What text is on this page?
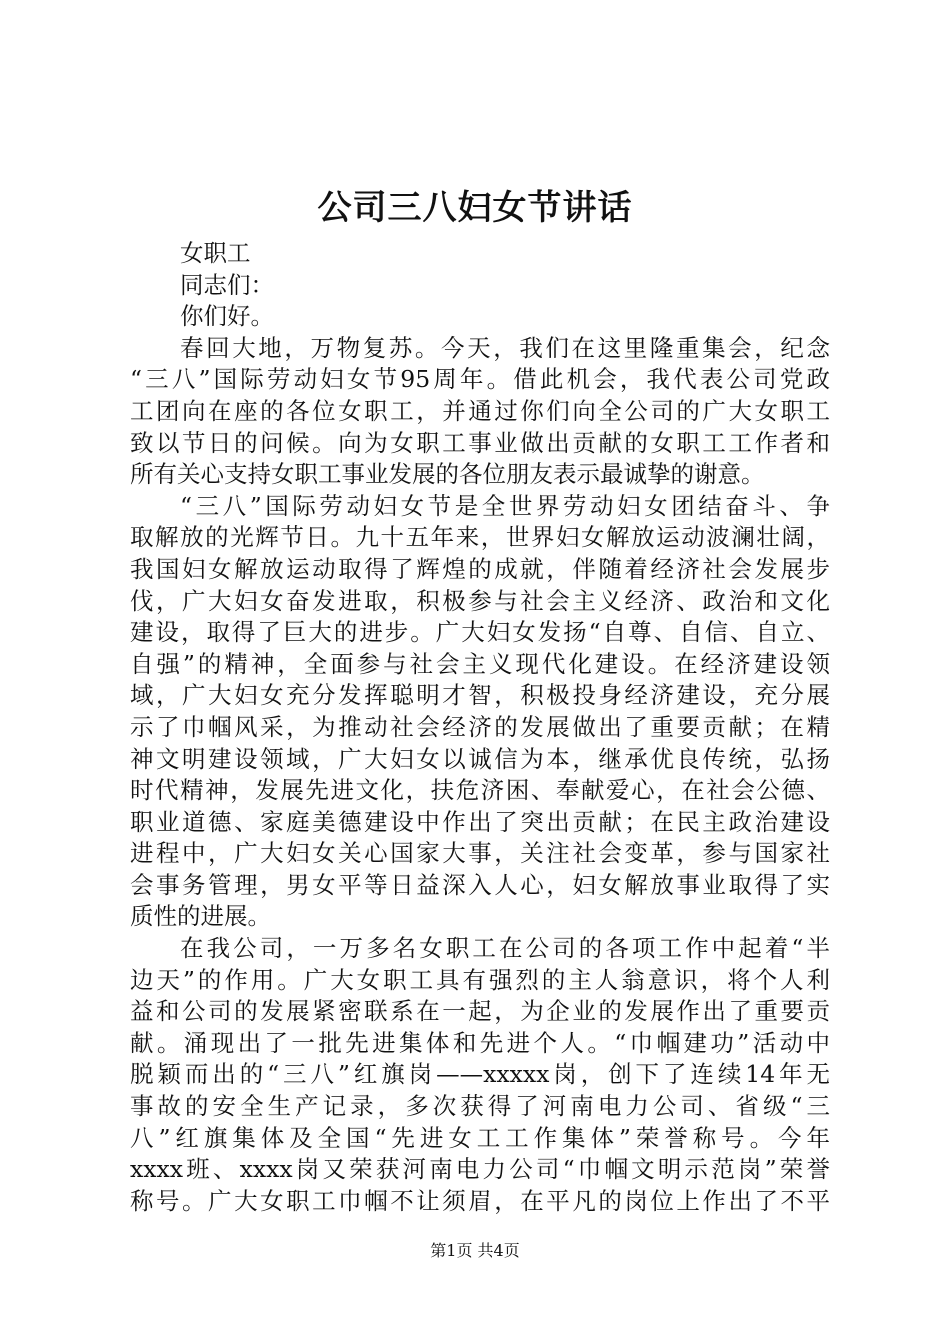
公司三八妇女节讲话
女职工
同志们：
你们好。
春回大地，万物复苏。今天，我们在这里隆重集会，纪念
“三八”国际劳动妇女节95周年。借此机会，我代表公司党政
工团向在座的各位女职工，并通过你们向全公司的广大女职工
致以节日的问候。向为女职工事业做出贡献的女职工工作者和
所有关心支持女职工事业发展的各位朋友表示最诚挚的谢意。
“三八”国际劳动妇女节是全世界劳动妇女团结奋斗、争
取解放的光辉节日。九十五年来，世界妇女解放运动波澜壮阔，
我国妇女解放运动取得了辉煌的成就，伴随着经济社会发展步
伐，广大妇女奋发进取，积极参与社会主义经济、政治和文化
建设，取得了巨大的进步。广大妇女发扬“自尊、自信、自立、
自强”的精神，全面参与社会主义现代化建设。在经济建设领
域，广大妇女充分发挥聪明才智，积极投身经济建设，充分展
示了巾帼风采，为推动社会经济的发展做出了重要贡献；在精
神文明建设领域，广大妇女以诚信为本，继承优良传统，弘扬
时代精神，发展先进文化，扶危济困、奉献爱心，在社会公德、
职业道德、家庭美德建设中作出了突出贡献；在民主政治建设
进程中，广大妇女关心国家大事，关注社会变革，参与国家社
会事务管理，男女平等日益深入人心，妇女解放事业取得了实
质性的进展。
在我公司，一万多名女职工在公司的各项工作中起着“半
边天”的作用。广大女职工具有强烈的主人翁意识，将个人利
益和公司的发展紧密联系在一起，为企业的发展作出了重要贡
献。涌现出了一批先进集体和先进个人。“巾帼建功”活动中
脱颖而出的“三八”红旗岗——xxxxx岗，创下了连续14年无
事故的安全生产记录，多次获得了河南电力公司、省级“三
八”红旗集体及全国“先进女工工作集体”荣誉称号。今年
xxxx班、xxxx岗又荣获河南电力公司“巾帼文明示范岗”荣誉
称号。广大女职工巾帼不让须眉，在平凡的岗位上作出了不平
第1页 共4页
